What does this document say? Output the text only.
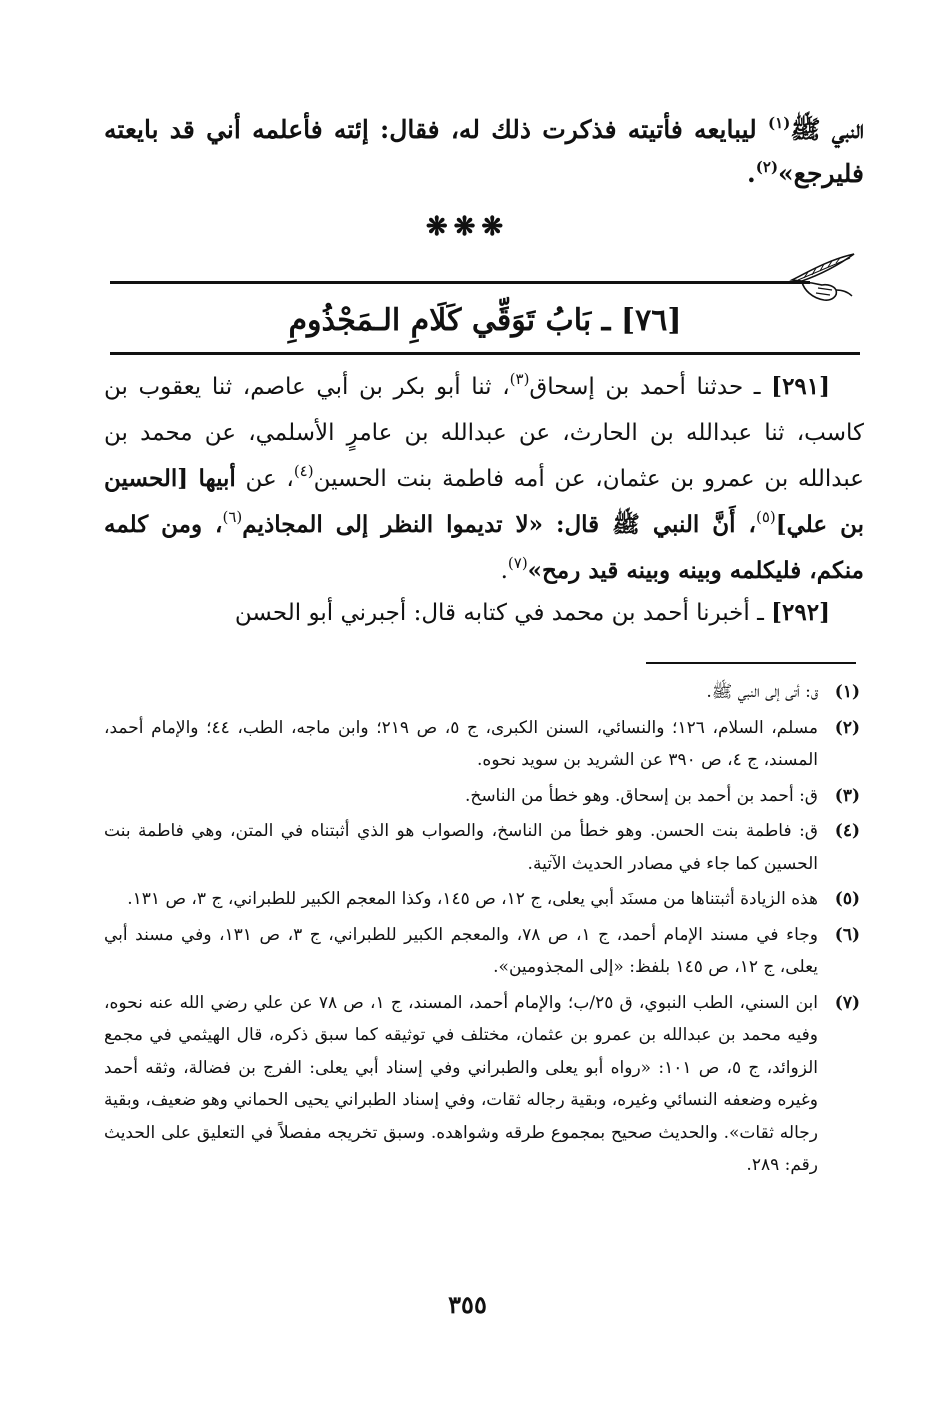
النبي ﷺ$^{(١)}$ ليبايعه فأتيته فذكرت ذلك له، فقال: إئته فأعلمه أني قد بايعته فليرجع»$^{(٢)}$.
❋❋❋
[٧٦] ـ بَابُ تَوَقِّي كَلَامِ الـمَجْذُومِ
[٢٩١] ـ حدثنا أحمد بن إسحاق$^{(٣)}$، ثنا أبو بكر بن أبي عاصم، ثنا يعقوب بن كاسب، ثنا عبدالله بن الحارث، عن عبدالله بن عامرٍ الأسلمي، عن محمد بن عبدالله بن عمرو بن عثمان، عن أمه فاطمة بنت الحسين$^{(٤)}$، عن أبيها [الحسين بن علي]$^{(٥)}$، أَنَّ النبي ﷺ قال: «لا تديموا النظر إلى المجاذيم$^{(٦)}$، ومن كلمه منكم، فليكلمه وبينه وبينه قيد رمح»$^{(٧)}$.
[٢٩٢] ـ أخبرنا أحمد بن محمد في كتابه قال: أجبرني أبو الحسن
(١)
ق: أتى إلى النبي ﷺ.
(٢)
مسلم، السلام، ١٢٦؛ والنسائي، السنن الكبرى، ج ٥، ص ٢١٩؛ وابن ماجه، الطب، ٤٤؛ والإمام أحمد، المسند، ج ٤، ص ٣٩٠ عن الشريد بن سويد نحوه.
(٣)
ق: أحمد بن أحمد بن إسحاق. وهو خطأ من الناسخ.
(٤)
ق: فاطمة بنت الحسن. وهو خطأ من الناسخ، والصواب هو الذي أثبتناه في المتن، وهي فاطمة بنت الحسين كما جاء في مصادر الحديث الآتية.
(٥)
هذه الزيادة أثبتناها من مسنَد أبي يعلى، ج ١٢، ص ١٤٥، وكذا المعجم الكبير للطبراني، ج ٣، ص ١٣١.
(٦)
وجاء في مسند الإمام أحمد، ج ١، ص ٧٨، والمعجم الكبير للطبراني، ج ٣، ص ١٣١، وفي مسند أبي يعلى، ج ١٢، ص ١٤٥ بلفظ: «إلى المجذومين».
(٧)
ابن السني، الطب النبوي، ق ٢٥/ب؛ والإمام أحمد، المسند، ج ١، ص ٧٨ عن علي رضي الله عنه نحوه، وفيه محمد بن عبدالله بن عمرو بن عثمان، مختلف في توثيقه كما سبق ذكره، قال الهيثمي في مجمع الزوائد، ج ٥، ص ١٠١: «رواه أبو يعلى والطبراني وفي إسناد أبي يعلى: الفرج بن فضالة، وثقه أحمد وغيره وضعفه النسائي وغيره، وبقية رجاله ثقات، وفي إسناد الطبراني يحيى الحماني وهو ضعيف، وبقية رجاله ثقات». والحديث صحيح بمجموع طرقه وشواهده. وسبق تخريجه مفصلاً في التعليق على الحديث رقم: ٢٨٩.
٣٥٥
